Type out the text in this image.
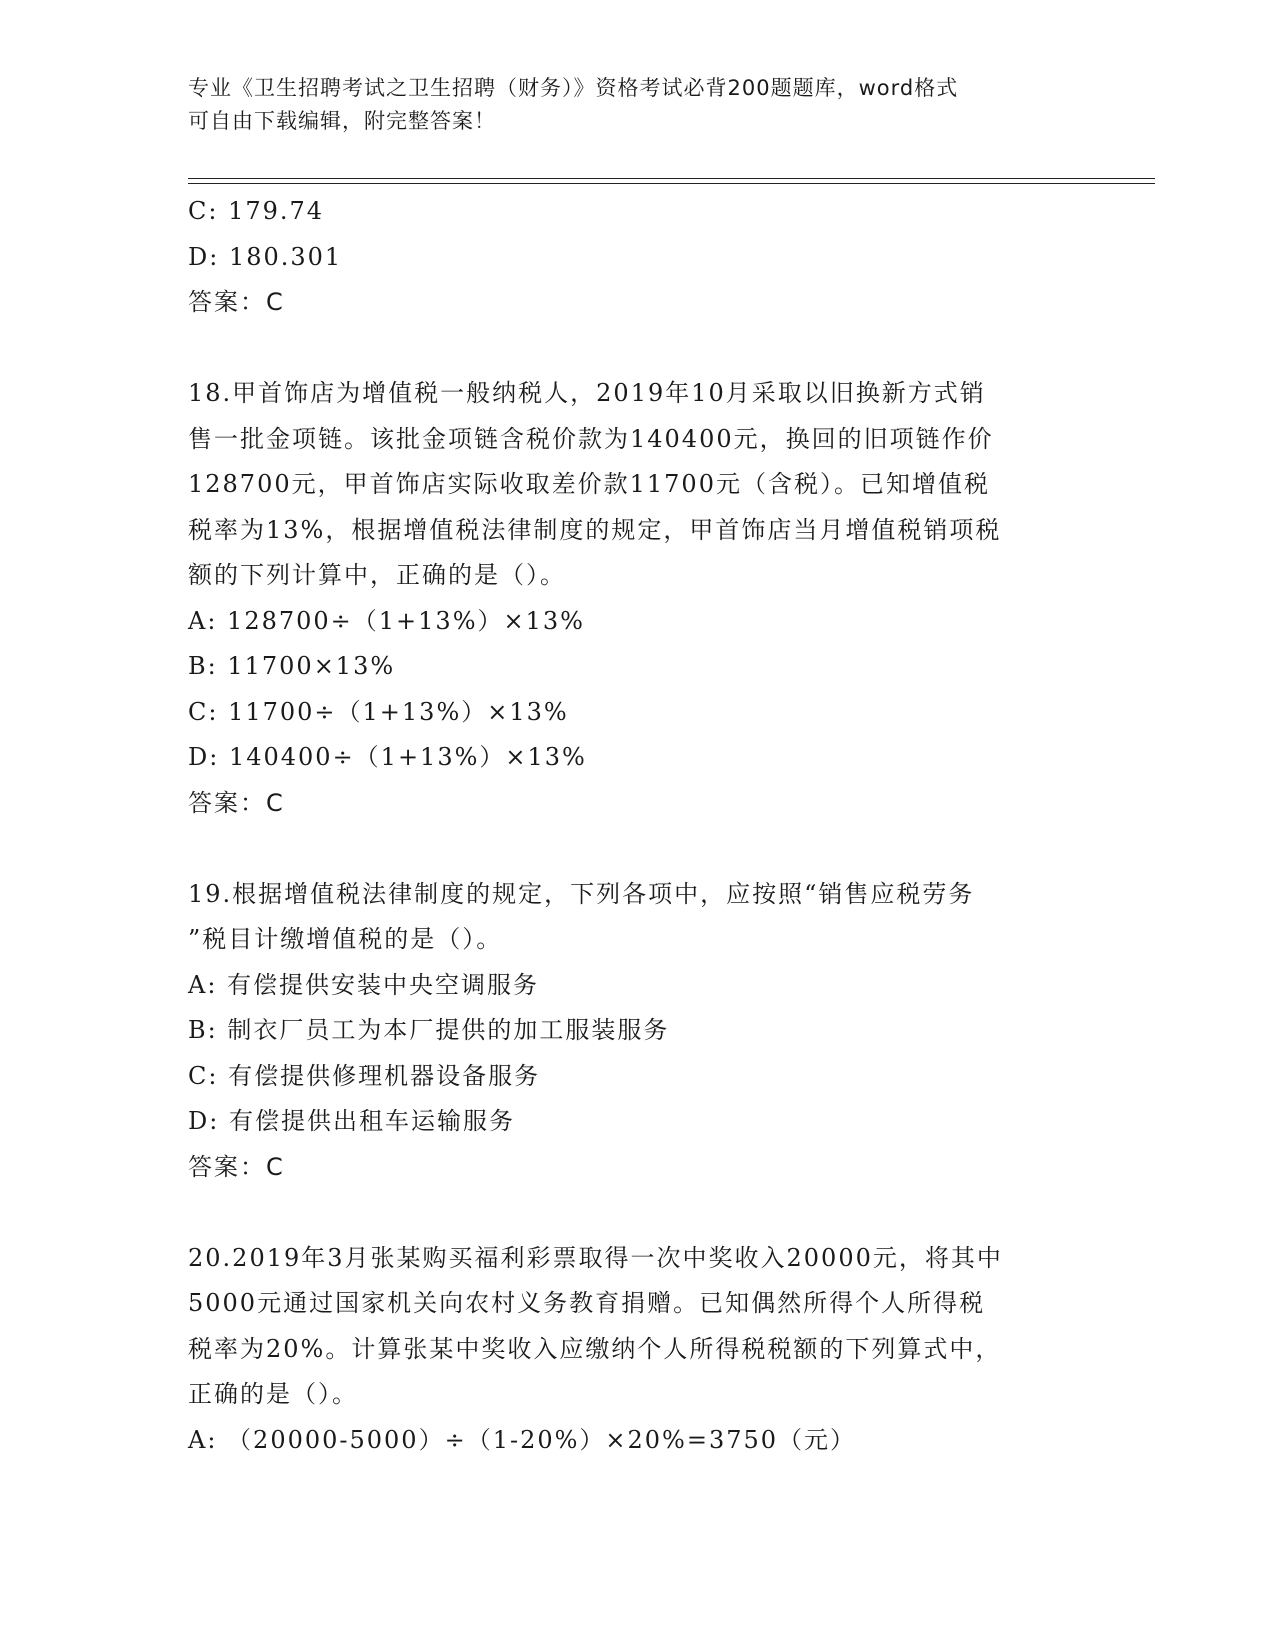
专业《卫生招聘考试之卫生招聘（财务）》资格考试必背200题题库，word格式
可自由下载编辑，附完整答案！
C: 179.74
D: 180.301
答案：C
18.甲首饰店为增值税一般纳税人，2019年10月采取以旧换新方式销
售一批金项链。该批金项链含税价款为140400元，换回的旧项链作价
128700元，甲首饰店实际收取差价款11700元（含税）。已知增值税
税率为13%，根据增值税法律制度的规定，甲首饰店当月增值税销项税
额的下列计算中，正确的是（）。
A: 128700÷（1+13%）×13%
B: 11700×13%
C: 11700÷（1+13%）×13%
D: 140400÷（1+13%）×13%
答案：C
19.根据增值税法律制度的规定，下列各项中，应按照“销售应税劳务
”税目计缴增值税的是（）。
A: 有偿提供安装中央空调服务
B: 制衣厂员工为本厂提供的加工服装服务
C: 有偿提供修理机器设备服务
D: 有偿提供出租车运输服务
答案：C
20.2019年3月张某购买福利彩票取得一次中奖收入20000元，将其中
5000元通过国家机关向农村义务教育捐赠。已知偶然所得个人所得税
税率为20%。计算张某中奖收入应缴纳个人所得税税额的下列算式中，
正确的是（）。
A: （20000-5000）÷（1-20%）×20%=3750（元）
